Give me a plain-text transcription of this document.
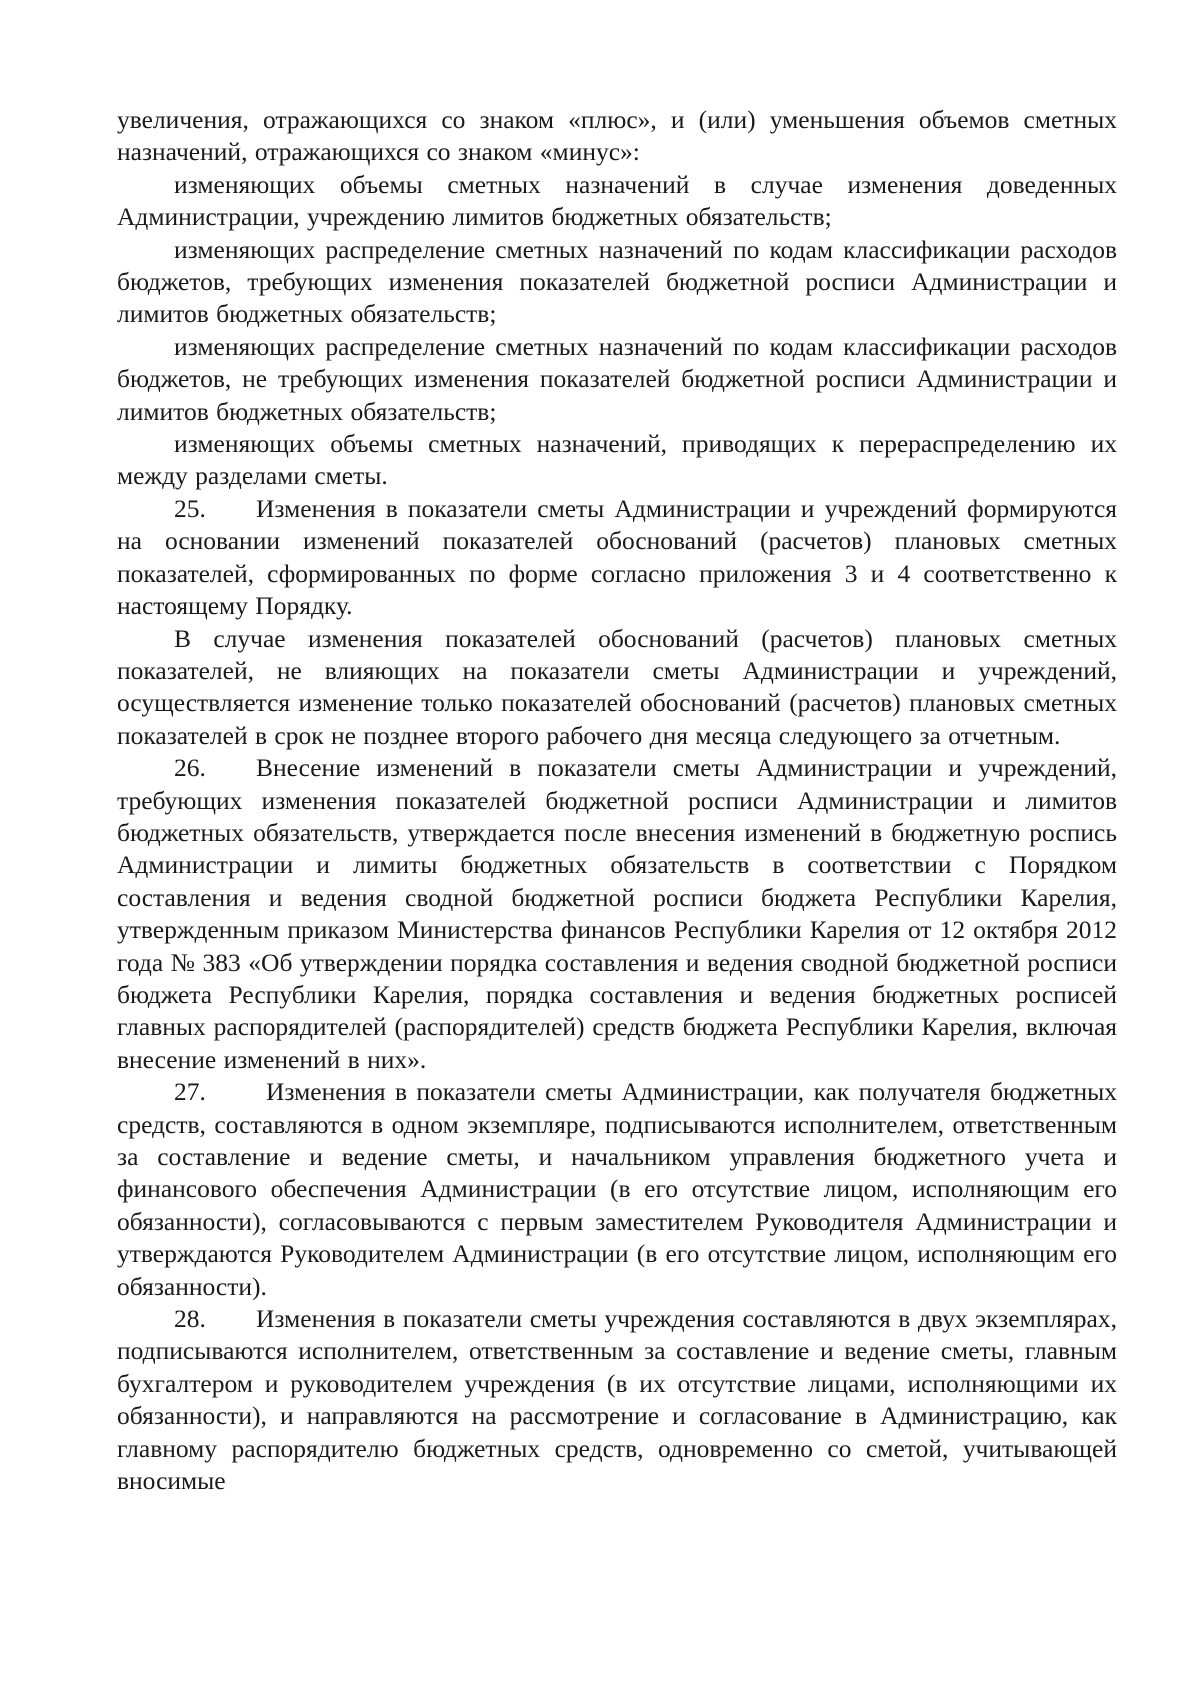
увеличения, отражающихся со знаком «плюс», и (или) уменьшения объемов сметных назначений, отражающихся со знаком «минус»:

изменяющих объемы сметных назначений в случае изменения доведенных Администрации, учреждению лимитов бюджетных обязательств;

изменяющих распределение сметных назначений по кодам классификации расходов бюджетов, требующих изменения показателей бюджетной росписи Администрации и лимитов бюджетных обязательств;

изменяющих распределение сметных назначений по кодам классификации расходов бюджетов, не требующих изменения показателей бюджетной росписи Администрации и лимитов бюджетных обязательств;

изменяющих объемы сметных назначений, приводящих к перераспределению их между разделами сметы.

25. Изменения в показатели сметы Администрации и учреждений формируются на основании изменений показателей обоснований (расчетов) плановых сметных показателей, сформированных по форме согласно приложения 3 и 4 соответственно к настоящему Порядку.

В случае изменения показателей обоснований (расчетов) плановых сметных показателей, не влияющих на показатели сметы Администрации и учреждений, осуществляется изменение только показателей обоснований (расчетов) плановых сметных показателей в срок не позднее второго рабочего дня месяца следующего за отчетным.

26. Внесение изменений в показатели сметы Администрации и учреждений, требующих изменения показателей бюджетной росписи Администрации и лимитов бюджетных обязательств, утверждается после внесения изменений в бюджетную роспись Администрации и лимиты бюджетных обязательств в соответствии с Порядком составления и ведения сводной бюджетной росписи бюджета Республики Карелия, утвержденным приказом Министерства финансов Республики Карелия от 12 октября 2012 года № 383 «Об утверждении порядка составления и ведения сводной бюджетной росписи бюджета Республики Карелия, порядка составления и ведения бюджетных росписей главных распорядителей (распорядителей) средств бюджета Республики Карелия, включая внесение изменений в них».

27. Изменения в показатели сметы Администрации, как получателя бюджетных средств, составляются в одном экземпляре, подписываются исполнителем, ответственным за составление и ведение сметы, и начальником управления бюджетного учета и финансового обеспечения Администрации (в его отсутствие лицом, исполняющим его обязанности), согласовываются с первым заместителем Руководителя Администрации и утверждаются Руководителем Администрации (в его отсутствие лицом, исполняющим его обязанности).

28. Изменения в показатели сметы учреждения составляются в двух экземплярах, подписываются исполнителем, ответственным за составление и ведение сметы, главным бухгалтером и руководителем учреждения (в их отсутствие лицами, исполняющими их обязанности), и направляются на рассмотрение и согласование в Администрацию, как главному распорядителю бюджетных средств, одновременно со сметой, учитывающей вносимые
